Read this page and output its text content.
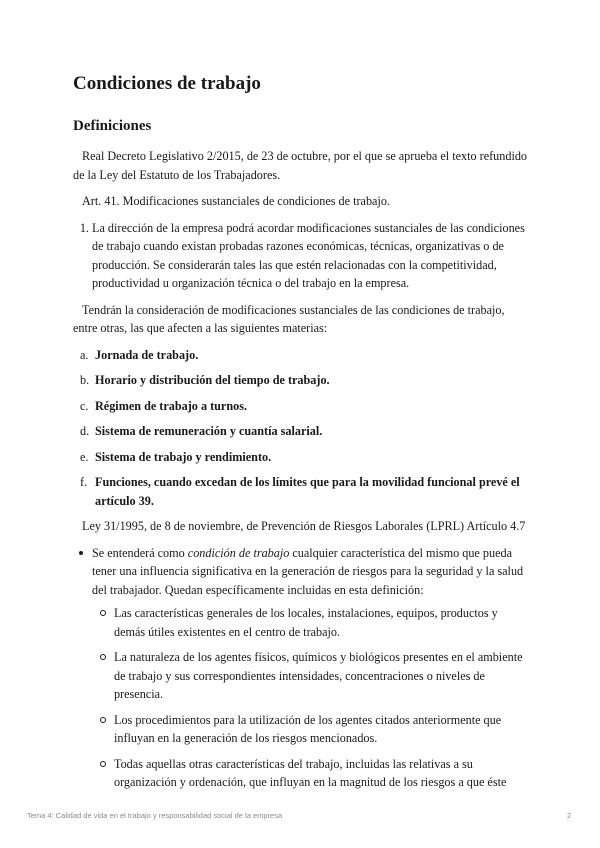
Condiciones de trabajo
Definiciones

Real Decreto Legislativo 2/2015, de 23 de octubre, por el que se aprueba el texto refundido de la Ley del Estatuto de los Trabajadores.

Art. 41. Modificaciones sustanciales de condiciones de trabajo.

1. La dirección de la empresa podrá acordar modificaciones sustanciales de las condiciones de trabajo cuando existan probadas razones económicas, técnicas, organizativas o de producción. Se considerarán tales las que estén relacionadas con la competitividad, productividad u organización técnica o del trabajo en la empresa.

Tendrán la consideración de modificaciones sustanciales de las condiciones de trabajo, entre otras, las que afecten a las siguientes materias:

a. Jornada de trabajo.
b. Horario y distribución del tiempo de trabajo.
c. Régimen de trabajo a turnos.
d. Sistema de remuneración y cuantía salarial.
e. Sistema de trabajo y rendimiento.
f. Funciones, cuando excedan de los límites que para la movilidad funcional prevé el artículo 39.

Ley 31/1995, de 8 de noviembre, de Prevención de Riesgos Laborales (LPRL) Artículo 4.7

Se entenderá como condición de trabajo cualquier característica del mismo que pueda tener una influencia significativa en la generación de riesgos para la seguridad y la salud del trabajador. Quedan específicamente incluidas en esta definición:
Las características generales de los locales, instalaciones, equipos, productos y demás útiles existentes en el centro de trabajo.
La naturaleza de los agentes físicos, químicos y biológicos presentes en el ambiente de trabajo y sus correspondientes intensidades, concentraciones o niveles de presencia.
Los procedimientos para la utilización de los agentes citados anteriormente que influyan en la generación de los riesgos mencionados.
Todas aquellas otras características del trabajo, incluidas las relativas a su organización y ordenación, que influyan en la magnitud de los riesgos a que éste
Tema 4: Calidad de vida en el trabajo y responsabilidad social de la empresa	2
